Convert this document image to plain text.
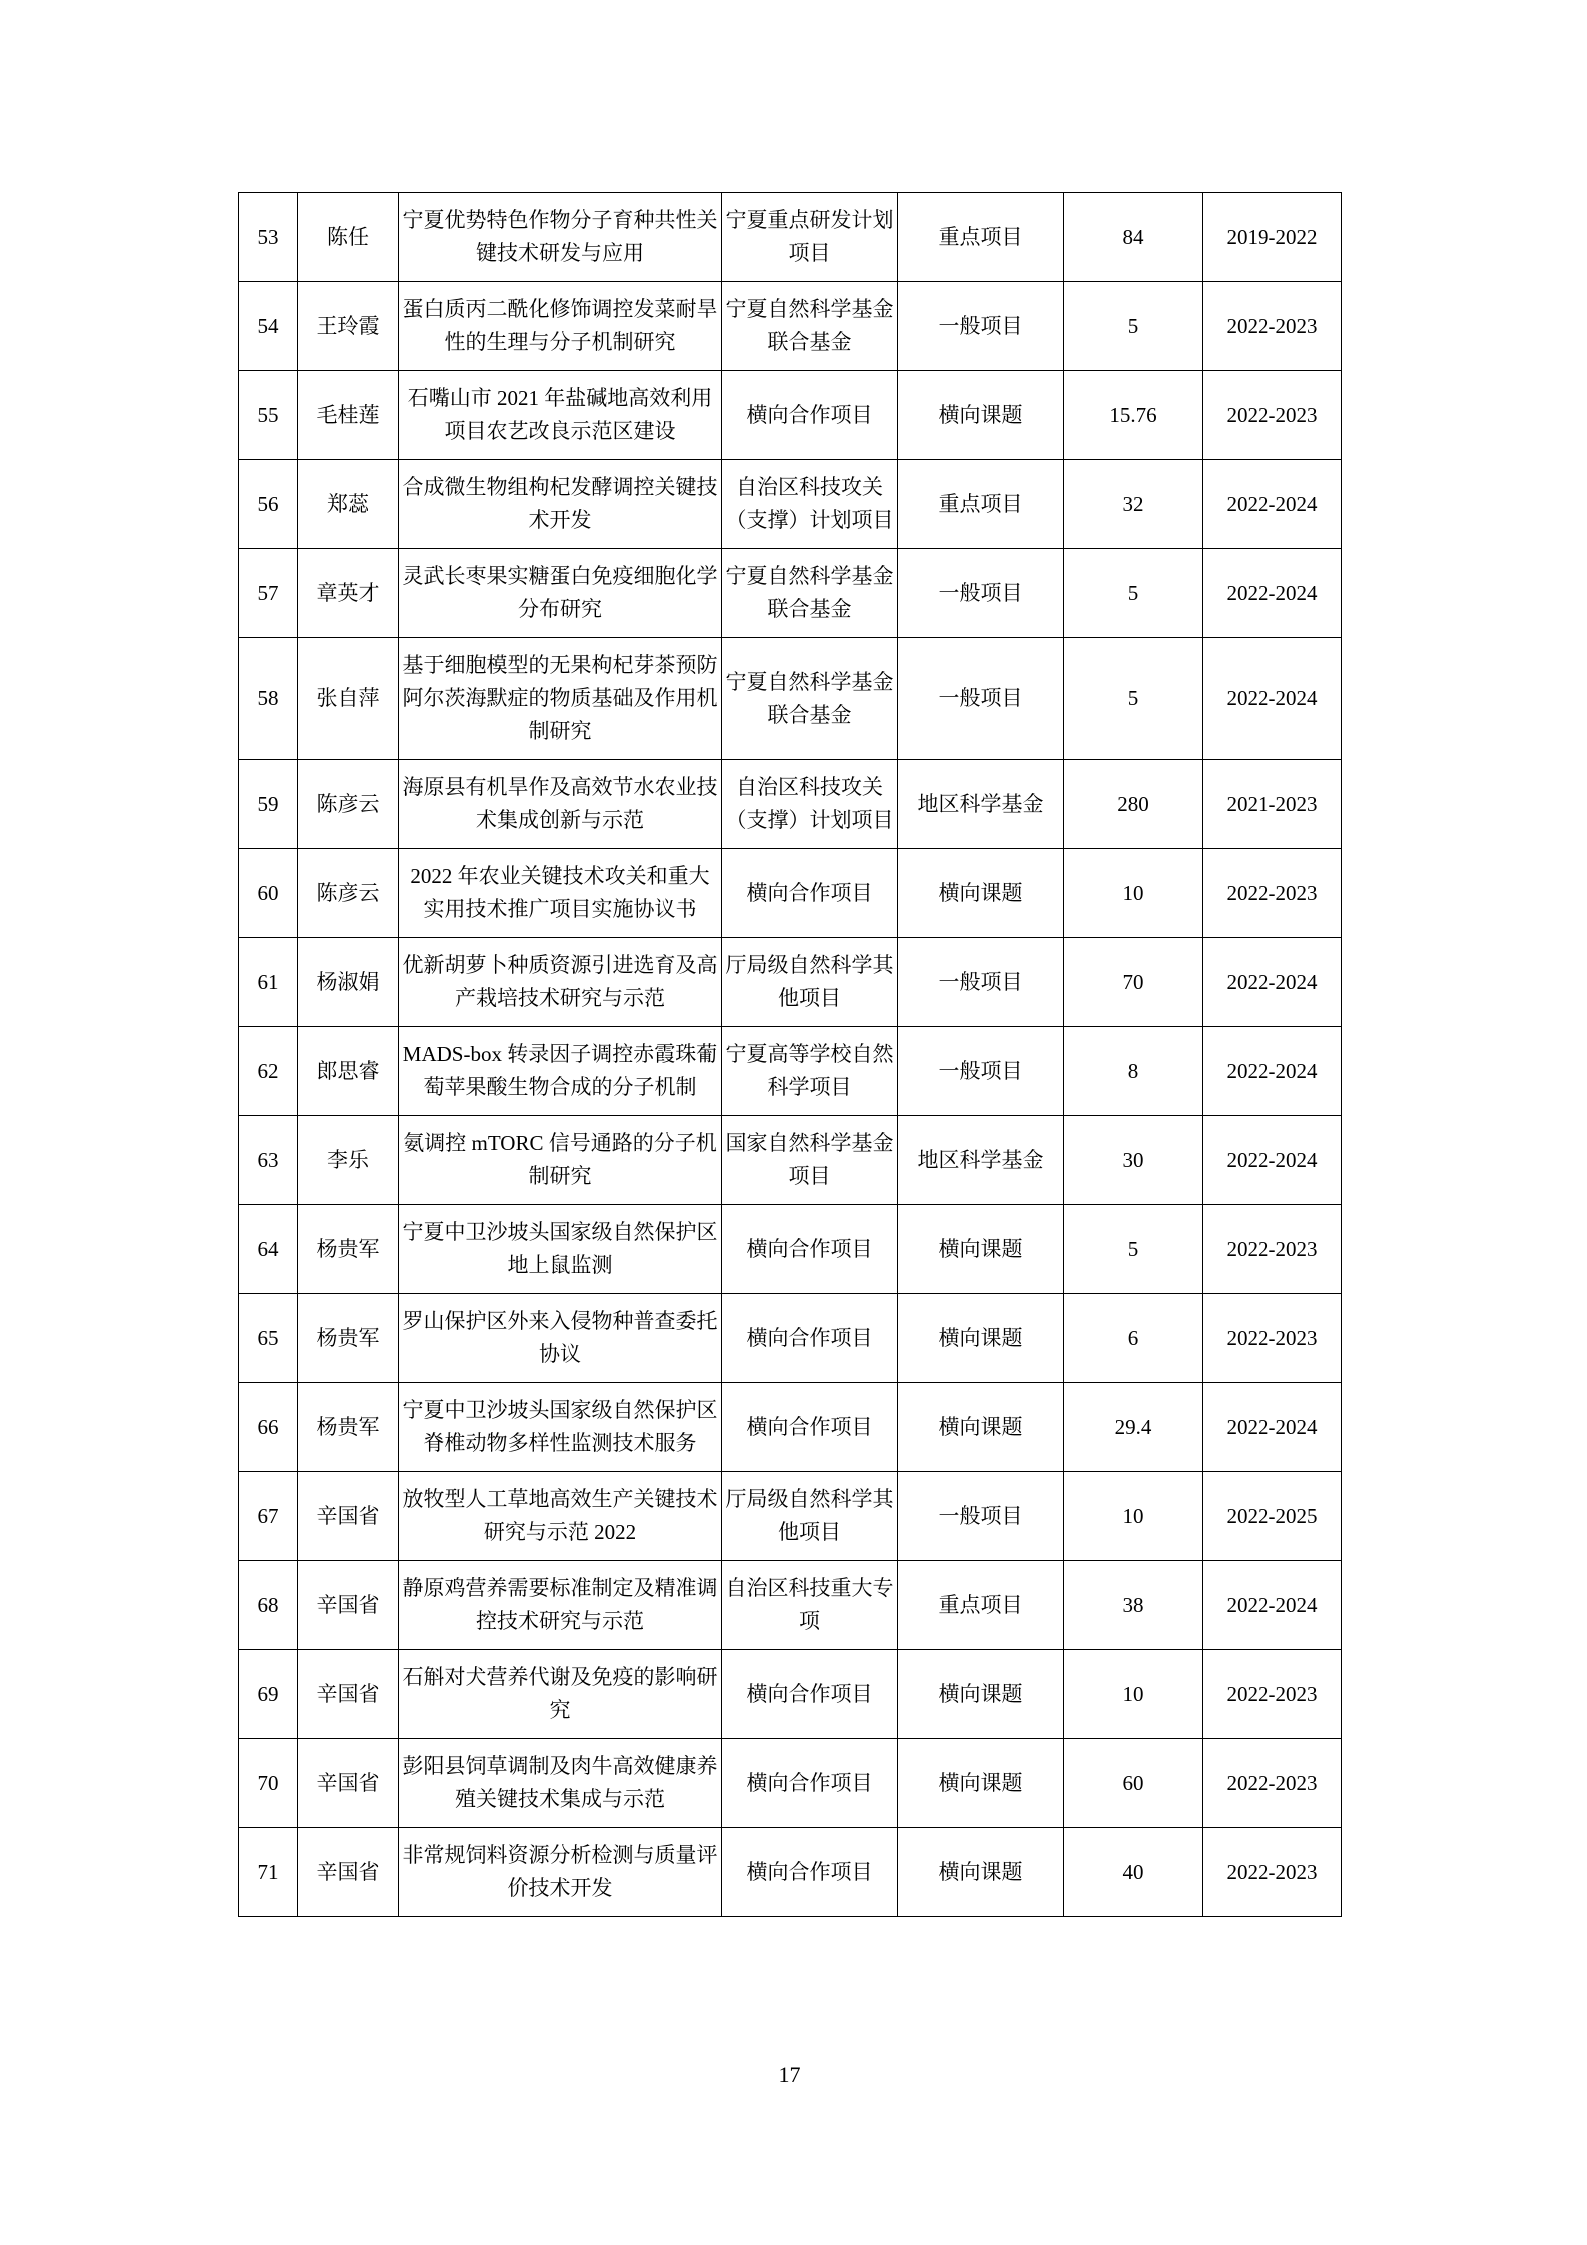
53	陈任	宁夏优势特色作物分子育种共性关键技术研发与应用	宁夏重点研发计划项目	重点项目	84	2019-2022
54	王玲霞	蛋白质丙二酰化修饰调控发菜耐旱性的生理与分子机制研究	宁夏自然科学基金联合基金	一般项目	5	2022-2023
55	毛桂莲	石嘴山市 2021 年盐碱地高效利用项目农艺改良示范区建设	横向合作项目	横向课题	15.76	2022-2023
56	郑蕊	合成微生物组枸杞发酵调控关键技术开发	自治区科技攻关（支撑）计划项目	重点项目	32	2022-2024
57	章英才	灵武长枣果实糖蛋白免疫细胞化学分布研究	宁夏自然科学基金联合基金	一般项目	5	2022-2024
58	张自萍	基于细胞模型的无果枸杞芽茶预防阿尔茨海默症的物质基础及作用机制研究	宁夏自然科学基金联合基金	一般项目	5	2022-2024
59	陈彦云	海原县有机旱作及高效节水农业技术集成创新与示范	自治区科技攻关（支撑）计划项目	地区科学基金	280	2021-2023
60	陈彦云	2022 年农业关键技术攻关和重大实用技术推广项目实施协议书	横向合作项目	横向课题	10	2022-2023
61	杨淑娟	优新胡萝卜种质资源引进选育及高产栽培技术研究与示范	厅局级自然科学其他项目	一般项目	70	2022-2024
62	郎思睿	MADS-box 转录因子调控赤霞珠葡萄苹果酸生物合成的分子机制	宁夏高等学校自然科学项目	一般项目	8	2022-2024
63	李乐	氨调控 mTORC 信号通路的分子机制研究	国家自然科学基金项目	地区科学基金	30	2022-2024
64	杨贵军	宁夏中卫沙坡头国家级自然保护区地上鼠监测	横向合作项目	横向课题	5	2022-2023
65	杨贵军	罗山保护区外来入侵物种普查委托协议	横向合作项目	横向课题	6	2022-2023
66	杨贵军	宁夏中卫沙坡头国家级自然保护区脊椎动物多样性监测技术服务	横向合作项目	横向课题	29.4	2022-2024
67	辛国省	放牧型人工草地高效生产关键技术研究与示范 2022	厅局级自然科学其他项目	一般项目	10	2022-2025
68	辛国省	静原鸡营养需要标准制定及精准调控技术研究与示范	自治区科技重大专项	重点项目	38	2022-2024
69	辛国省	石斛对犬营养代谢及免疫的影响研究	横向合作项目	横向课题	10	2022-2023
70	辛国省	彭阳县饲草调制及肉牛高效健康养殖关键技术集成与示范	横向合作项目	横向课题	60	2022-2023
71	辛国省	非常规饲料资源分析检测与质量评价技术开发	横向合作项目	横向课题	40	2022-2023
17
